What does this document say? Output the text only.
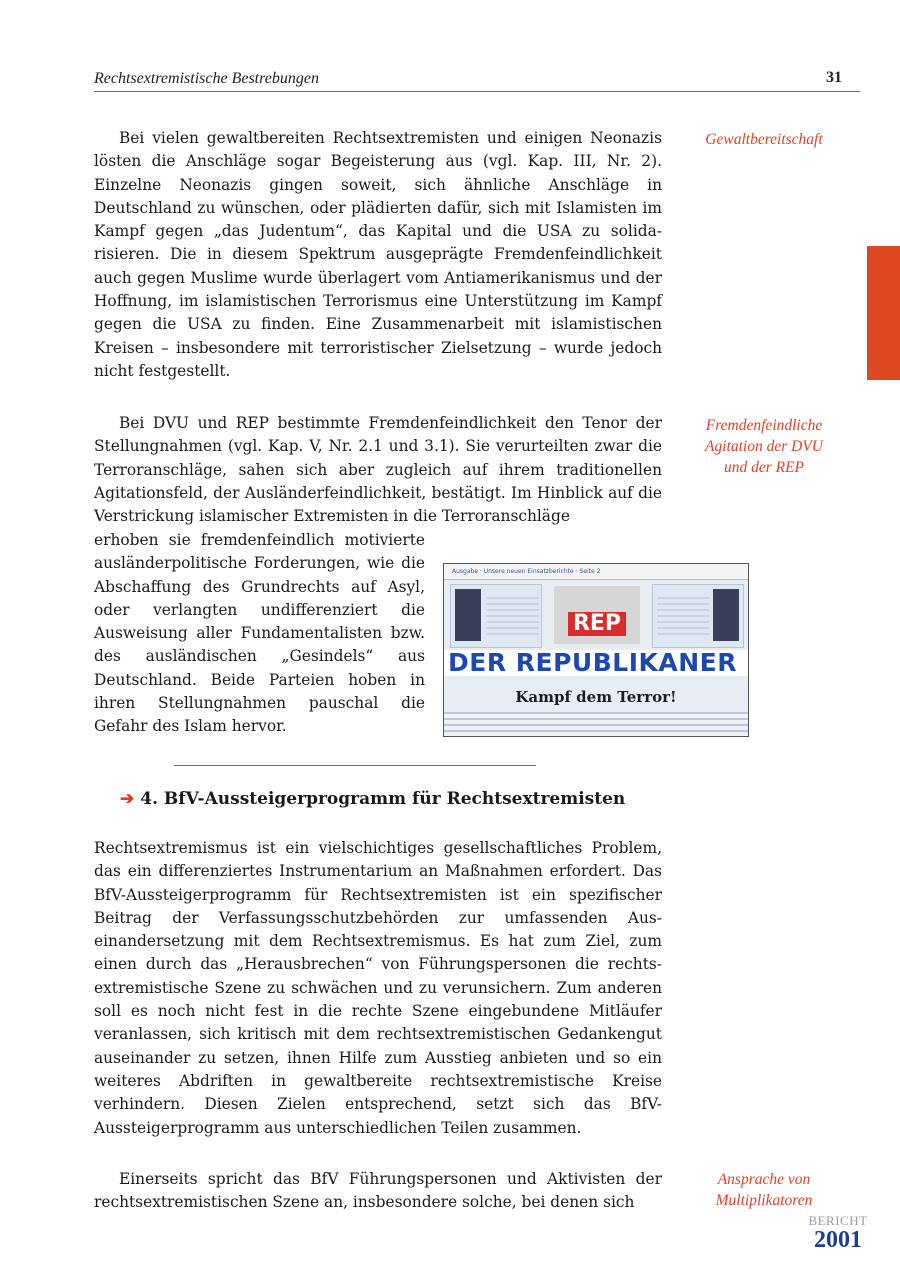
Rechtsextremistische Bestrebungen	31

Bei vielen gewaltbereiten Rechtsextremisten und einigen Neonazis lösten die Anschläge sogar Begeisterung aus (vgl. Kap. III, Nr. 2). Einzelne Neonazis gingen soweit, sich ähnliche Anschläge in Deutschland zu wünschen, oder plädierten dafür, sich mit Islamisten im Kampf gegen „das Judentum“, das Kapital und die USA zu solidarisieren. Die in diesem Spektrum ausgeprägte Fremdenfeindlichkeit auch gegen Muslime wurde überlagert vom Antiamerikanismus und der Hoffnung, im islamistischen Terrorismus eine Unterstützung im Kampf gegen die USA zu finden. Eine Zusammenarbeit mit islamistischen Kreisen – insbesondere mit terroristischer Zielsetzung – wurde jedoch nicht festgestellt.

Gewaltbereitschaft
Fremdenfeindliche
Agitation der DVU
und der REP

Bei DVU und REP bestimmte Fremdenfeindlichkeit den Tenor der Stellungnahmen (vgl. Kap. V, Nr. 2.1 und 3.1). Sie verurteilten zwar die Terroranschläge, sahen sich aber zugleich auf ihrem traditionellen Agitationsfeld, der Ausländerfeindlichkeit, bestätigt. Im Hinblick auf die Verstrickung islamischer Extremisten in die Terroranschläge

erhoben sie fremdenfeindlich motivierte ausländerpolitische Forderungen, wie die Abschaffung des Grundrechts auf Asyl, oder verlangten undifferenziert die Ausweisung aller Fundamentalisten bzw. des ausländischen „Gesindels“ aus Deutschland. Beide Parteien hoben in ihren Stellungnahmen pauschal die Gefahr des Islam hervor.

Ausgabe · Unsere neuen Einsatzberichte · Seite 2
REP
DER REPUBLIKANER
Kampf dem Terror!
➔ 4. BfV-Aussteigerprogramm für Rechtsextremisten

Rechtsextremismus ist ein vielschichtiges gesellschaftliches Problem, das ein differenziertes Instrumentarium an Maßnahmen erfordert. Das BfV-Aussteigerprogramm für Rechtsextremisten ist ein spezifischer Beitrag der Verfassungsschutzbehörden zur umfassenden Auseinandersetzung mit dem Rechtsextremismus. Es hat zum Ziel, zum einen durch das „Herausbrechen“ von Führungspersonen die rechtsextremistische Szene zu schwächen und zu verunsichern. Zum anderen soll es noch nicht fest in die rechte Szene eingebundene Mitläufer veranlassen, sich kritisch mit dem rechtsextremistischen Gedankengut auseinander zu setzen, ihnen Hilfe zum Ausstieg anbieten und so ein weiteres Abdriften in gewaltbereite rechtsextremistische Kreise verhindern. Diesen Zielen entsprechend, setzt sich das BfV-Aussteigerprogramm aus unterschiedlichen Teilen zusammen.

Einerseits spricht das BfV Führungspersonen und Aktivisten der rechtsextremistischen Szene an, insbesondere solche, bei denen sich

Ansprache von
Multiplikatoren
BERICHT
2001
